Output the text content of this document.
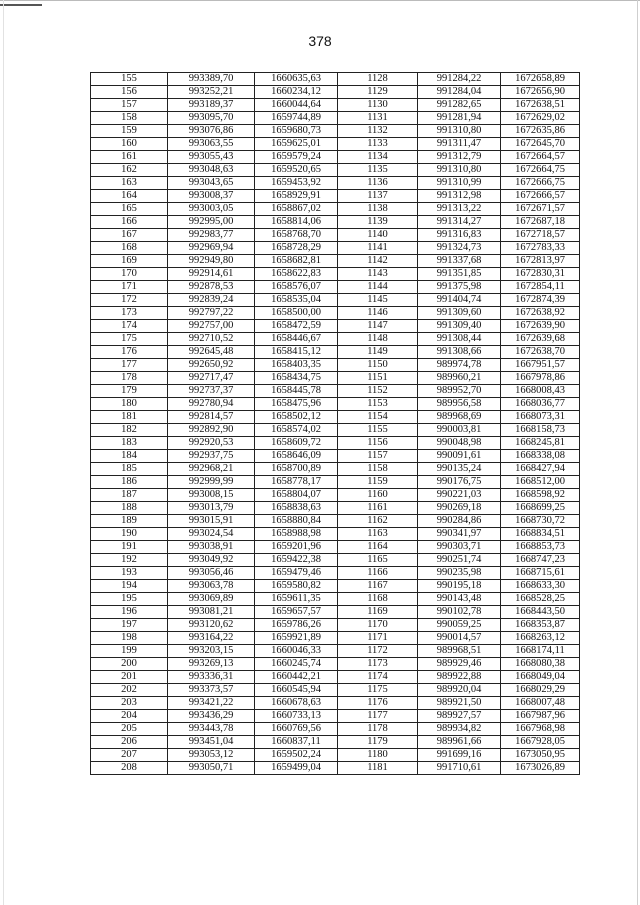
378
155	993389,70	1660635,63	1128	991284,22	1672658,89
156	993252,21	1660234,12	1129	991284,04	1672656,90
157	993189,37	1660044,64	1130	991282,65	1672638,51
158	993095,70	1659744,89	1131	991281,94	1672629,02
159	993076,86	1659680,73	1132	991310,80	1672635,86
160	993063,55	1659625,01	1133	991311,47	1672645,70
161	993055,43	1659579,24	1134	991312,79	1672664,57
162	993048,63	1659520,65	1135	991310,80	1672664,75
163	993043,65	1659453,92	1136	991310,99	1672666,75
164	993008,37	1658929,91	1137	991312,98	1672666,57
165	993003,05	1658867,02	1138	991313,22	1672671,57
166	992995,00	1658814,06	1139	991314,27	1672687,18
167	992983,77	1658768,70	1140	991316,83	1672718,57
168	992969,94	1658728,29	1141	991324,73	1672783,33
169	992949,80	1658682,81	1142	991337,68	1672813,97
170	992914,61	1658622,83	1143	991351,85	1672830,31
171	992878,53	1658576,07	1144	991375,98	1672854,11
172	992839,24	1658535,04	1145	991404,74	1672874,39
173	992797,22	1658500,00	1146	991309,60	1672638,92
174	992757,00	1658472,59	1147	991309,40	1672639,90
175	992710,52	1658446,67	1148	991308,44	1672639,68
176	992645,48	1658415,12	1149	991308,66	1672638,70
177	992650,92	1658403,35	1150	989974,78	1667951,57
178	992717,47	1658434,75	1151	989960,21	1667978,86
179	992737,37	1658445,78	1152	989952,70	1668008,43
180	992780,94	1658475,96	1153	989956,58	1668036,77
181	992814,57	1658502,12	1154	989968,69	1668073,31
182	992892,90	1658574,02	1155	990003,81	1668158,73
183	992920,53	1658609,72	1156	990048,98	1668245,81
184	992937,75	1658646,09	1157	990091,61	1668338,08
185	992968,21	1658700,89	1158	990135,24	1668427,94
186	992999,99	1658778,17	1159	990176,75	1668512,00
187	993008,15	1658804,07	1160	990221,03	1668598,92
188	993013,79	1658838,63	1161	990269,18	1668699,25
189	993015,91	1658880,84	1162	990284,86	1668730,72
190	993024,54	1658988,98	1163	990341,97	1668834,51
191	993038,91	1659201,96	1164	990303,71	1668853,73
192	993049,92	1659422,38	1165	990251,74	1668747,23
193	993056,46	1659479,46	1166	990235,98	1668715,61
194	993063,78	1659580,82	1167	990195,18	1668633,30
195	993069,89	1659611,35	1168	990143,48	1668528,25
196	993081,21	1659657,57	1169	990102,78	1668443,50
197	993120,62	1659786,26	1170	990059,25	1668353,87
198	993164,22	1659921,89	1171	990014,57	1668263,12
199	993203,15	1660046,33	1172	989968,51	1668174,11
200	993269,13	1660245,74	1173	989929,46	1668080,38
201	993336,31	1660442,21	1174	989922,88	1668049,04
202	993373,57	1660545,94	1175	989920,04	1668029,29
203	993421,22	1660678,63	1176	989921,50	1668007,48
204	993436,29	1660733,13	1177	989927,57	1667987,96
205	993443,78	1660769,56	1178	989934,82	1667968,98
206	993451,04	1660837,11	1179	989961,66	1667928,05
207	993053,12	1659502,24	1180	991699,16	1673050,95
208	993050,71	1659499,04	1181	991710,61	1673026,89
